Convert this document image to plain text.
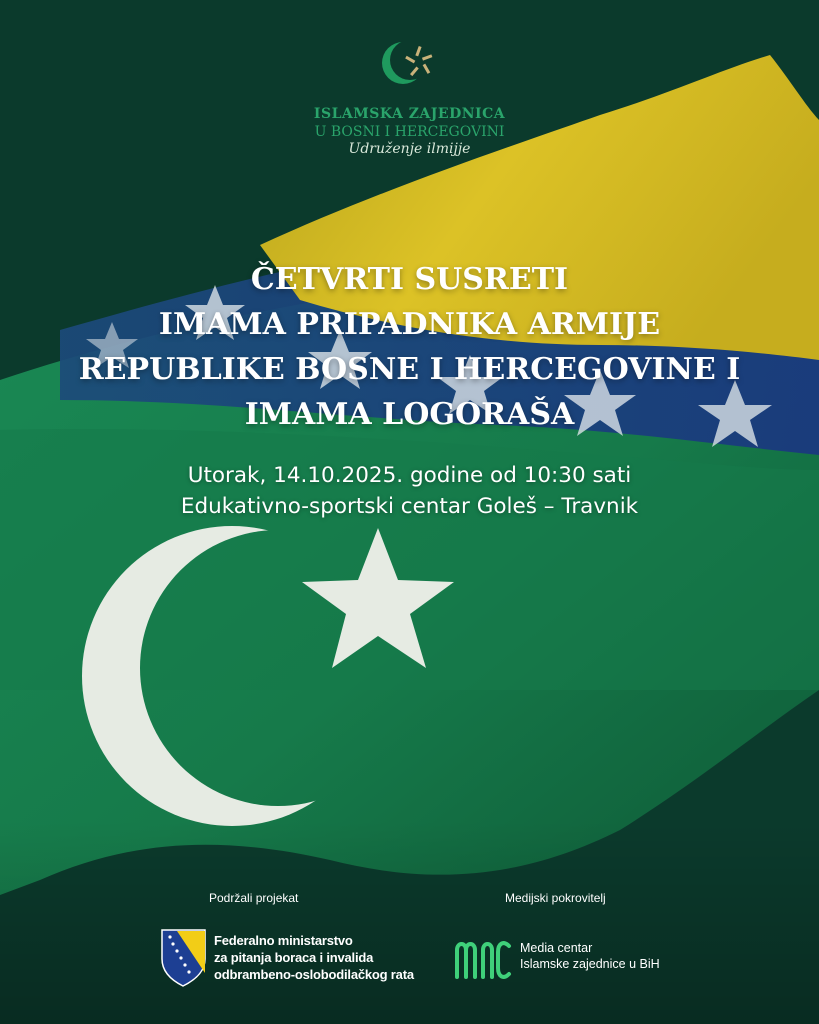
ISLAMSKA ZAJEDNICA
U BOSNI I HERCEGOVINI
Udruženje ilmijje
ČETVRTI SUSRETI
IMAMA PRIPADNIKA ARMIJE
REPUBLIKE BOSNE I HERCEGOVINE I
IMAMA LOGORAŠA
Utorak, 14.10.2025. godine od 10:30 sati
Edukativno-sportski centar Goleš – Travnik
Podržali projekat	Medijski pokrovitelj
Federalno ministarstvo
za pitanja boraca i invalida
odbrambeno-oslobodilačkog rata
Media centar
Islamske zajednice u BiH
